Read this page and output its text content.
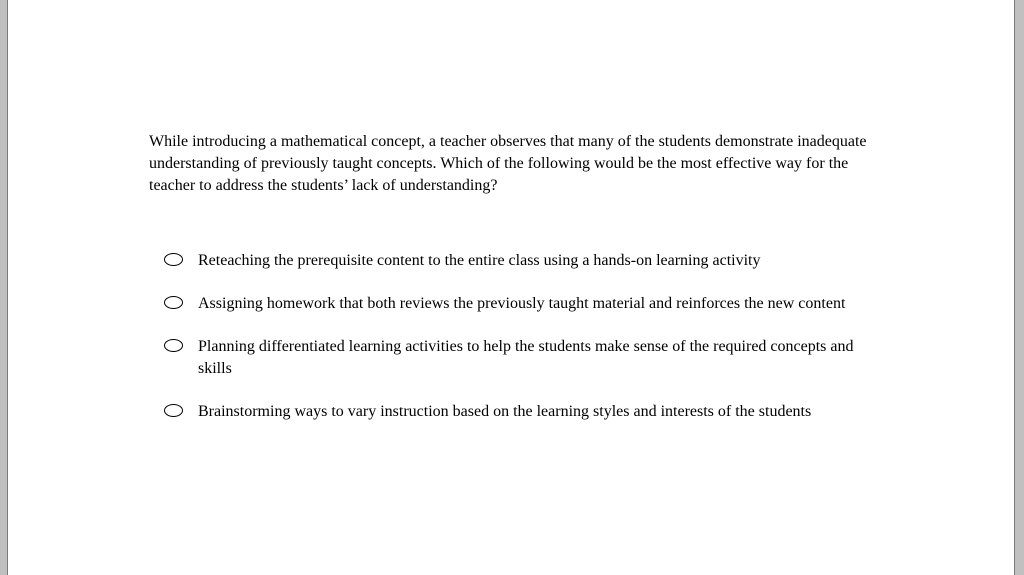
While introducing a mathematical concept, a teacher observes that many of the students demonstrate inadequate understanding of previously taught concepts. Which of the following would be the most effective way for the teacher to address the students’ lack of understanding?

Reteaching the prerequisite content to the entire class using a hands-on learning activity
Assigning homework that both reviews the previously taught material and reinforces the new content
Planning differentiated learning activities to help the students make sense of the required concepts and skills
Brainstorming ways to vary instruction based on the learning styles and interests of the students
